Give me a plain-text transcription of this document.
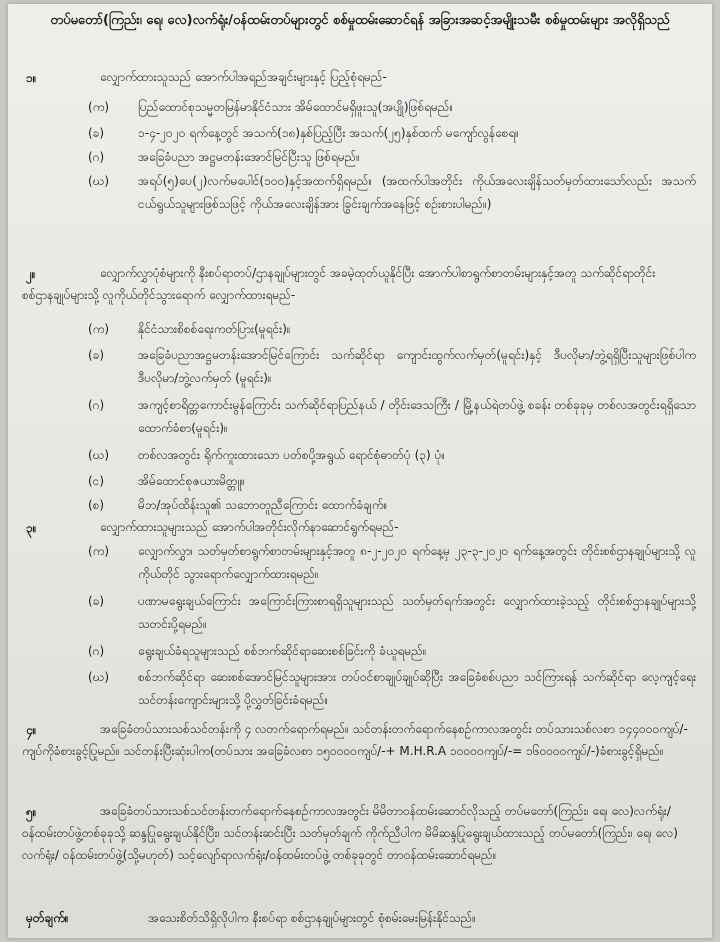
တပ်မတော်(ကြည်း၊ ရေ၊ လေ)လက်ရုံး/ဝန်ထမ်းတပ်များတွင် စစ်မှုထမ်းဆောင်ရန် အခြားအဆင့်အမျိုးသမီး စစ်မှုထမ်းများ အလိုရှိသည်
၁။	လျှောက်ထားသူသည် အောက်ပါအရည်အချင်းများနှင့် ပြည့်စုံရမည်-
(က) ပြည်ထောင်စုသမ္မတမြန်မာနိုင်ငံသား အိမ်ထောင်မရှိဖူးသူ(အပျို)ဖြစ်ရမည်။
(ခ)	၁-၄-၂၀၂၀ ရက်နေ့တွင် အသက်(၁၈)နှစ်ပြည့်ပြီး အသက်(၂၅)နှစ်ထက် မကျော်လွန်စေရ။
(ဂ)	အခြေခံပညာ အဋ္ဌမတန်းအောင်မြင်ပြီးသူ ဖြစ်ရမည်။
(ဃ) အရပ်(၅)ပေ(၂)လက်မပေါင်(၁၀၀)နှင့်အထက်ရှိရမည်။ (အထက်ပါအတိုင်း ကိုယ်အလေးချိန်သတ်မှတ်ထားသော်လည်း အသက်ငယ်ရွယ်သူများဖြစ်သဖြင့် ကိုယ်အလေးချိန်အား ခြွင်းချက်အနေဖြင့် စဉ်းစားပါမည်။)
၂။	လျှောက်လွှာပုံစံများကို နီးစပ်ရာတပ်/ဌာနချုပ်များတွင် အခမဲ့ထုတ်ယူနိုင်ပြီး အောက်ပါစာရွက်စာတမ်းများနှင့်အတူ သက်ဆိုင်ရာတိုင်းစစ်ဌာနချုပ်များသို့ လူကိုယ်တိုင်သွားရောက် လျှောက်ထားရမည်-
(က) နိုင်ငံသားစိစစ်ရေးကတ်ပြား(မူရင်း)။
(ခ)	အခြေခံပညာအဋ္ဌမတန်းအောင်မြင်ကြောင်း သက်ဆိုင်ရာ ကျောင်းထွက်လက်မှတ်(မူရင်း)နှင့် ဒီပလိုမာ/ဘွဲ့ရရှိပြီးသူများဖြစ်ပါက ဒီပလိုမာ/ဘွဲ့လက်မှတ် (မူရင်း)။
(ဂ)	အကျင့်စာရိတ္တကောင်းမွန်ကြောင်း သက်ဆိုင်ရာပြည်နယ် / တိုင်းဒေသကြီး / မြို့နယ်ရဲတပ်ဖွဲ့ စခန်း တစ်ခုခုမှ တစ်လအတွင်းရရှိသော ထောက်ခံစာ(မူရင်း)။
(ဃ) တစ်လအတွင်း ရိုက်ကူးထားသော ပတ်စပို့အရွယ် ရောင်စုံဓာတ်ပုံ (၃) ပုံ။
(င)	အိမ်ထောင်စုဇယားမိတ္တူ။
(စ)	မိဘ/အုပ်ထိန်းသူ၏ သဘောတူညီကြောင်း ထောက်ခံချက်။
၃။	လျှောက်ထားသူများသည် အောက်ပါအတိုင်းလိုက်နာဆောင်ရွက်ရမည်-
(က) လျှောက်လွှာ၊ သတ်မှတ်စာရွက်စာတမ်းများနှင့်အတူ ၈-၂-၂၀၂၀ ရက်နေ့မှ ၂၃-၃-၂၀၂၀ ရက်နေ့အတွင်း တိုင်းစစ်ဌာနချုပ်များသို့ လူကိုယ်တိုင် သွားရောက်လျှောက်ထားရမည်။
(ခ)	ပဏာမရွေးချယ်ကြောင်း အကြောင်းကြားစာရရှိသူများသည် သတ်မှတ်ရက်အတွင်း လျှောက်ထားခဲ့သည့် တိုင်းစစ်ဌာနချုပ်များသို့ သတင်းပို့ရမည်။
(ဂ)	ရွေးချယ်ခံရသူများသည် စစ်ဘက်ဆိုင်ရာဆေးစစ်ခြင်းကို ခံယူရမည်။
(ဃ) စစ်ဘက်ဆိုင်ရာ ဆေးစစ်အောင်မြင်သူများအား တပ်ဝင်စာချုပ်ချုပ်ဆိုပြီး အခြေခံစစ်ပညာ သင်ကြားရန် သက်ဆိုင်ရာ လေ့ကျင့်ရေးသင်တန်းကျောင်းများသို့ ပို့လွှတ်ခြင်းခံရမည်။
၄။	အခြေခံတပ်သားသစ်သင်တန်းကို ၄ လတက်ရောက်ရမည်။ သင်တန်းတက်ရောက်နေစဉ်ကာလအတွင်း တပ်သားသစ်လစာ ၁၄၄၀၀၀ကျပ်/-ကျပ်ကိုခံစားခွင့်ပြုမည်။ သင်တန်းပြီးဆုံးပါက(တပ်သား အခြေခံလစာ ၁၅၀၀၀၀ကျပ်/-+ M.H.R.A ၁၀၀၀၀ကျပ်/-= ၁၆၀၀၀၀ကျပ်/-)ခံစားခွင့်ရှိမည်။
၅။	အခြေခံတပ်သားသစ်သင်တန်းတက်ရောက်နေစဉ်ကာလအတွင်း မိမိတာဝန်ထမ်းဆောင်လိုသည့် တပ်မတော်(ကြည်း၊ ရေ၊ လေ)လက်ရုံး/ဝန်ထမ်းတပ်ဖွဲ့တစ်ခုခုသို့ ဆန္ဒပြုရွေးချယ်နိုင်ပြီး၊ သင်တန်းဆင်းပြီး သတ်မှတ်ချက် ကိုက်ညီပါက မိမိဆန္ဒပြုရွေးချယ်ထားသည့် တပ်မတော်(ကြည်း၊ ရေ၊ လေ) လက်ရုံး/ ဝန်ထမ်းတပ်ဖွဲ့(သို့မဟုတ်) သင့်လျော်ရာလက်ရုံး/ဝန်ထမ်းတပ်ဖွဲ့ တစ်ခုခုတွင် တာဝန်ထမ်းဆောင်ရမည်။
မှတ်ချက်။	အသေးစိတ်သိရှိလိုပါက နီးစပ်ရာ စစ်ဌာနချုပ်များတွင် စုံစမ်းမေးမြန်းနိုင်သည်။
